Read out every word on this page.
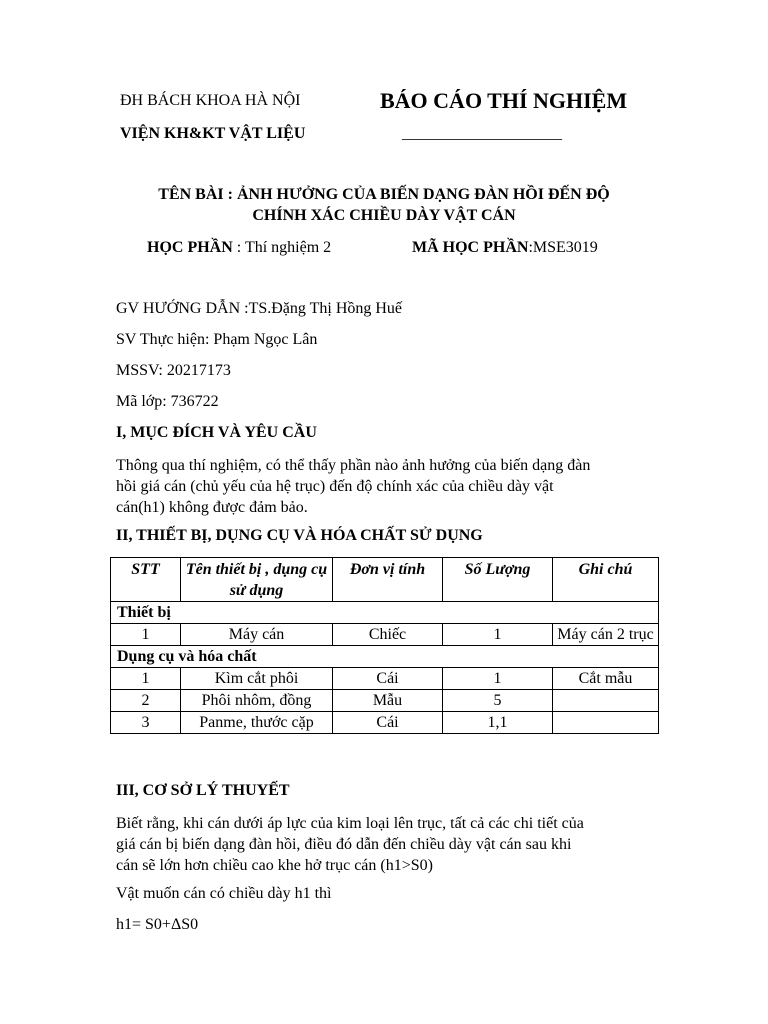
ĐH BÁCH KHOA HÀ NỘI	BÁO CÁO THÍ NGHIỆM
VIỆN KH&KT VẬT LIỆU	____________________
TÊN BÀI : ẢNH HƯỞNG CỦA BIẾN DẠNG ĐÀN HỒI ĐẾN ĐỘ
CHÍNH XÁC CHIỀU DÀY VẬT CÁN
HỌC PHẦN : Thí nghiệm 2	MÃ HỌC PHẦN:MSE3019
GV HƯỚNG DẪN :TS.Đặng Thị Hồng Huế
SV Thực hiện: Phạm Ngọc Lân
MSSV: 20217173
Mã lớp: 736722
I, MỤC ĐÍCH VÀ YÊU CẦU
Thông qua thí nghiệm, có thể thấy phần nào ảnh hưởng của biến dạng đàn
hồi giá cán (chủ yếu của hệ trục) đến độ chính xác của chiều dày vật
cán(h1) không được đảm bảo.
II, THIẾT BỊ, DỤNG CỤ VÀ HÓA CHẤT SỬ DỤNG
STT	Tên thiết bị , dụng cụ sử dụng	Đơn vị tính	Số Lượng	Ghi chú
Thiết bị				
1	Máy cán	Chiếc	1	Máy cán 2 trục
Dụng cụ và hóa chất				
1	Kìm cắt phôi	Cái	1	Cắt mẫu
2	Phôi nhôm, đồng	Mẫu	5	
3	Panme, thước cặp	Cái	1,1	
III, CƠ SỞ LÝ THUYẾT
Biết rằng, khi cán dưới áp lực của kim loại lên trục, tất cả các chi tiết của
giá cán bị biến dạng đàn hồi, điều đó dẫn đến chiều dày vật cán sau khi
cán sẽ lớn hơn chiều cao khe hở trục cán (h1>S0)
Vật muốn cán có chiều dày h1 thì
h1= S0+ΔS0
